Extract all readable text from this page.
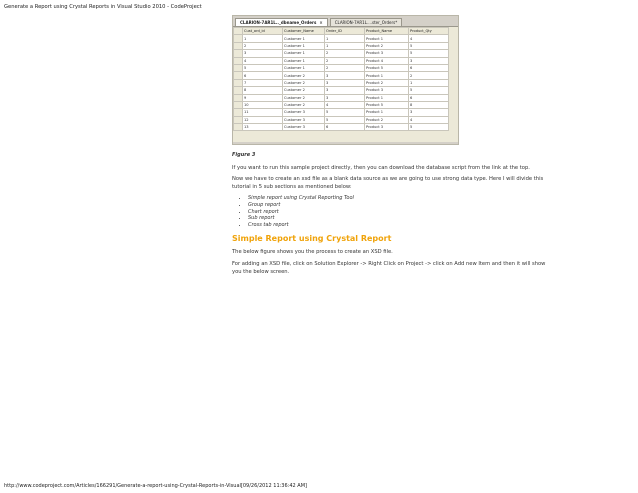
Generate a Report using Crystal Reports in Visual Studio 2010 - CodeProject
CLARION-7AR1L.._dbname_Orders ×	CLARION-7AR1L....ster_Orders*
	Cust_ord_id	Customer_Name	Order_ID	Product_Name	Product_Qty
	1	Customer 1	1	Product 1	4
	2	Customer 1	1	Product 2	5
	3	Customer 1	2	Product 3	5
	4	Customer 1	2	Product 4	3
	5	Customer 1	2	Product 5	6
	6	Customer 2	3	Product 1	2
	7	Customer 2	3	Product 2	1
	8	Customer 2	3	Product 3	5
	9	Customer 2	3	Product 1	6
	10	Customer 2	4	Product 5	8
	11	Customer 3	5	Product 1	3
	12	Customer 3	5	Product 2	4
	13	Customer 3	6	Product 3	5

Figure 3

If you want to run this sample project directly, then you can download the database script from the link at the top.

Now we have to create an xsd file as a blank data source as we are going to use strong data type. Here I will divide this tutorial in 5 sub sections as mentioned below:

• Simple report using Crystal Reporting Tool
• Group report
• Chart report
• Sub report
• Cross tab report
Simple Report using Crystal Report

The below figure shows you the process to create an XSD file.

For adding an XSD file, click on Solution Explorer -> Right Click on Project -> click on Add new Item and then it will show you the below screen.

http://www.codeproject.com/Articles/166291/Generate-a-report-using-Crystal-Reports-in-Visual[09/26/2012 11:36:42 AM]
